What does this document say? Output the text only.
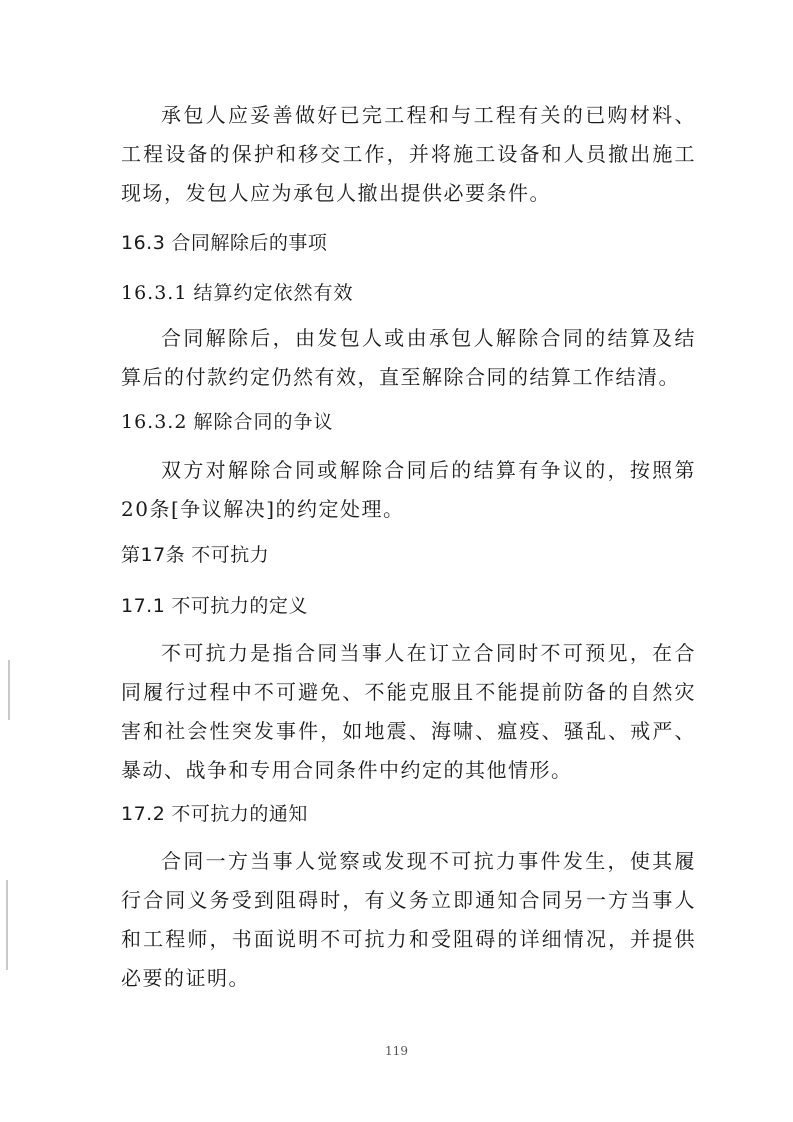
承包人应妥善做好已完工程和与工程有关的已购材料、工程设备的保护和移交工作，并将施工设备和人员撤出施工现场，发包人应为承包人撤出提供必要条件。
16.3 合同解除后的事项
16.3.1 结算约定依然有效
合同解除后，由发包人或由承包人解除合同的结算及结算后的付款约定仍然有效，直至解除合同的结算工作结清。
16.3.2 解除合同的争议
双方对解除合同或解除合同后的结算有争议的，按照第20条[争议解决]的约定处理。
第17条 不可抗力
17.1 不可抗力的定义
不可抗力是指合同当事人在订立合同时不可预见，在合同履行过程中不可避免、不能克服且不能提前防备的自然灾害和社会性突发事件，如地震、海啸、瘟疫、骚乱、戒严、暴动、战争和专用合同条件中约定的其他情形。
17.2 不可抗力的通知
合同一方当事人觉察或发现不可抗力事件发生，使其履行合同义务受到阻碍时，有义务立即通知合同另一方当事人和工程师，书面说明不可抗力和受阻碍的详细情况，并提供必要的证明。
119
